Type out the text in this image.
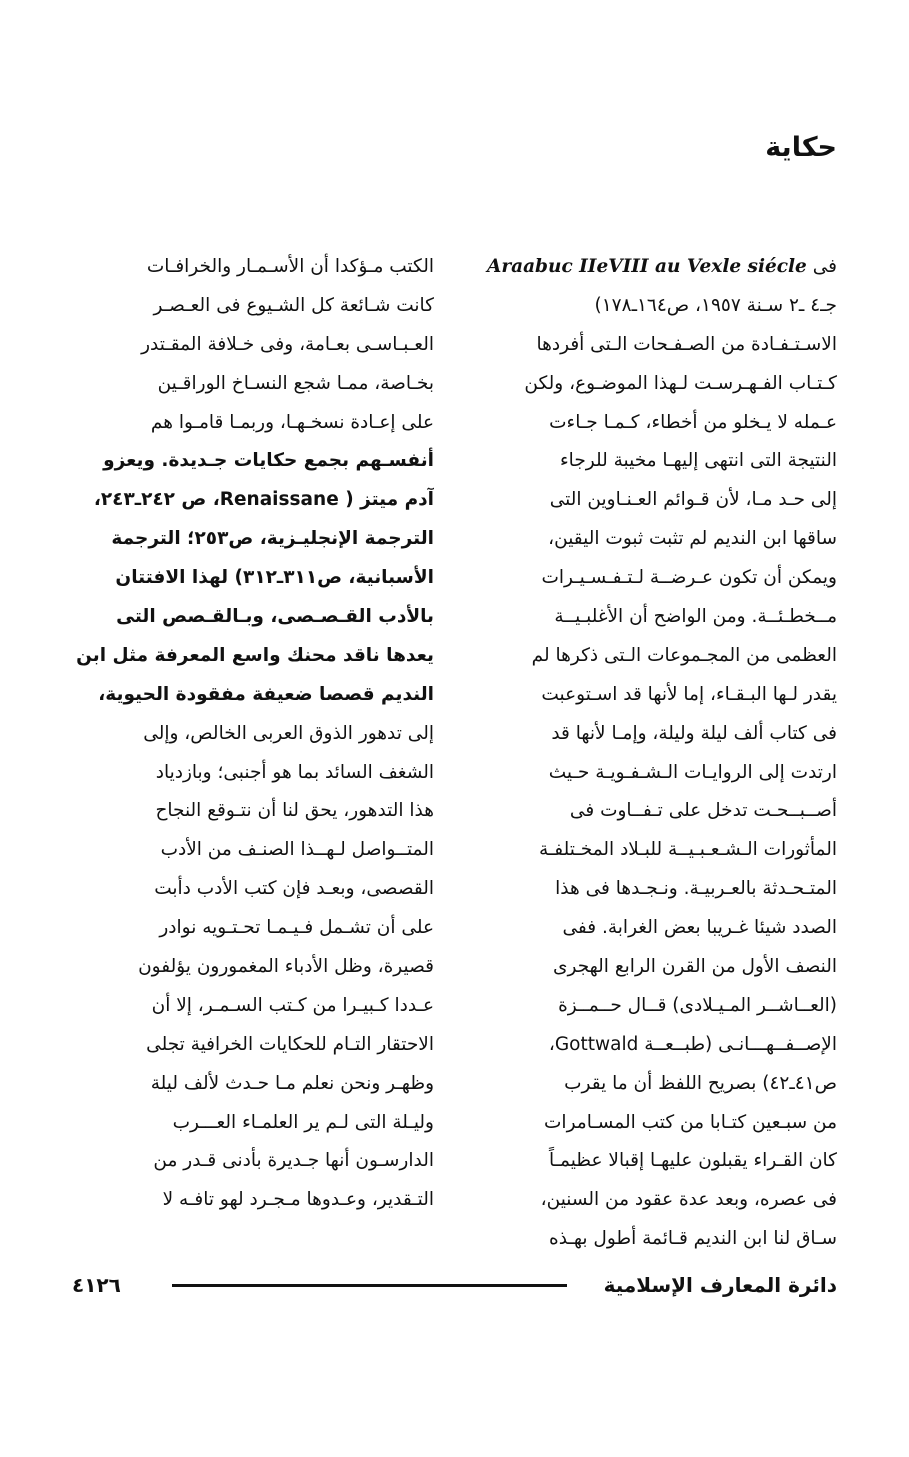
حكاية
فى Araabuc IIeVIII au Vexle siécle
جـ٤ ـ٢ سـنة ١٩٥٧، ص١٦٤ـ١٧٨)
الاسـتـفـادة من الصـفـحات الـتى أفردها
كـتـاب الفـهـرسـت لـهذا الموضـوع، ولكن
عـمله لا يـخلو من أخطاء، كـمـا جـاءت
النتيجة التى انتهى إليهـا مخيبة للرجاء
إلى حـد مـا، لأن قـوائم العـنـاوين التى
ساقها ابن النديم لم تثبت ثبوت اليقين،
ويمكن أن تكون عـرضــة لـتـفـسـيـرات
مــخطـئــة. ومن الواضح أن الأغلبـيــة
العظمى من المجـموعات الـتى ذكرها لم
يقدر لـها البـقـاء، إما لأنها قد اسـتوعبت
فى كتاب ألف ليلة وليلة، وإمـا لأنها قد
ارتدت إلى الروايـات الـشـفـويـة حـيث
أصــبــحـت تدخل على تـفــاوت فى
المأثورات الـشـعـبـيــة للبـلاد المخـتلفـة
المتـحـدثة بالعـربيـة. ونـجـدها فى هذا
الصدد شيئا غـريبا بعض الغرابة. ففى
النصف الأول من القرن الرابع الهجرى
(العــاشــر المـيـلادى) قــال حــمــزة
الإصــفــهـــانـى (طبــعــة Gottwald،
ص٤١ـ٤٢) بصريح اللفظ أن ما يقرب
من سبـعين كتـابا من كتب المسـامرات
كان القـراء يقبلون عليهـا إقبالا عظيمـاً
فى عصره، وبعد عدة عقود من السنين،
سـاق لنا ابن النديم قـائمة أطول بهـذه
الكتب مـؤكدا أن الأسـمـار والخرافـات
كانت شـائعة كل الشـيوع فى العـصـر
العـبـاسـى بعـامة، وفى خـلافة المقـتدر
بخـاصة، ممـا شجع النسـاخ الوراقـين
على إعـادة نسخـهـا، وربمـا قامـوا هم
أنفسـهم بجمع حكايات جـديدة. ويعزو
آدم ميتز ( Renaissane، ص ٢٤٢ـ٢٤٣،
الترجمة الإنجليـزية، ص٢٥٣؛ الترجمة
الأسبانية، ص٣١١ـ٣١٢) لهذا الافتتان
بالأدب القـصـصى، وبـالقـصص التى
يعدها ناقد محنك واسع المعرفة مثل ابن
النديم قصصا ضعيفة مفقودة الحيوية،
إلى تدهور الذوق العربى الخالص، وإلى
الشغف السائد بما هو أجنبى؛ وبازدياد
هذا التدهور، يحق لنا أن نتـوقع النجاح
المتــواصل لـهــذا الصنـف من الأدب
القصصى، وبعـد فإن كتب الأدب دأبت
على أن تشـمل فـيـمـا تحـتـويه نوادر
قصيرة، وظل الأدباء المغمورون يؤلفون
عـددا كـبيـرا من كـتب السـمـر، إلا أن
الاحتقار التـام للحكايات الخرافية تجلى
وظهـر ونحن نعلم مـا حـدث لألف ليلة
وليـلة التى لـم ير العلمـاء العـــرب
الدارسـون أنها جـديرة بأدنى قـدر من
التـقدير، وعـدوها مـجـرد لهو تافـه لا
دائرة المعارف الإسلامية
٤١٢٦
